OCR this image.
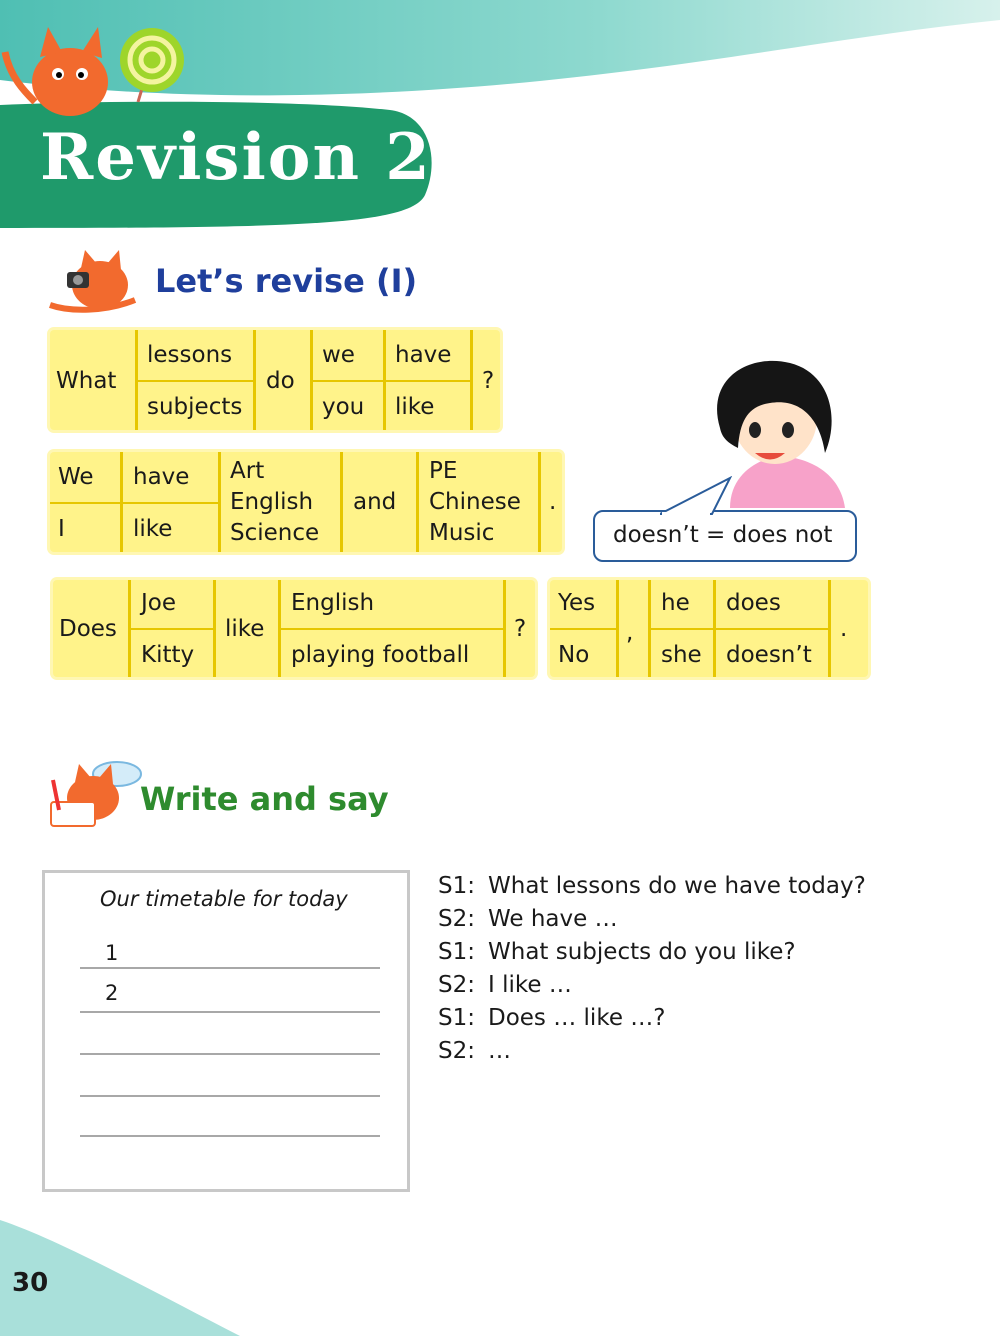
Revision 2
Let’s revise (I)
What
lessons
subjects
do
we
you
have
like
?
We
I
have
like
Art
English
Science
and
PE
Chinese
Music
.
Does
Joe
Kitty
like
English
playing football
?
Yes
No
,
he
she
does
doesn’t
.
doesn’t = does not
Write and say
Our timetable for today
1
2
S1: What lessons do we have today?
S2: We have …
S1: What subjects do you like?
S2: I like …
S1: Does … like …?
S2: …
30
